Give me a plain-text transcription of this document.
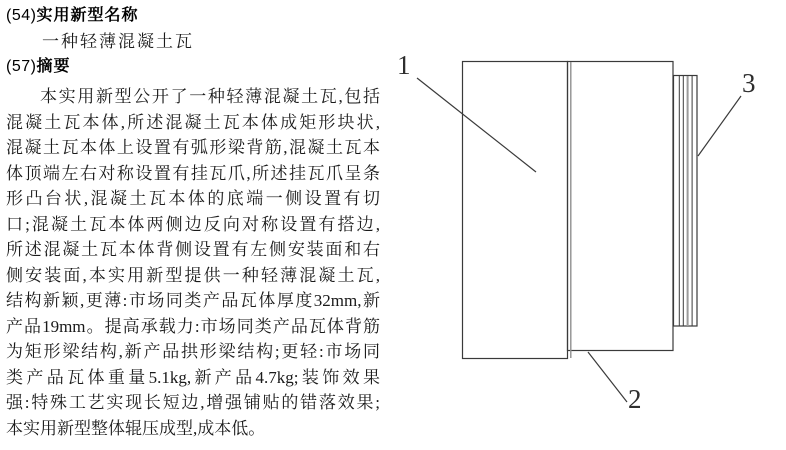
(54)实用新型名称
一种轻薄混凝土瓦
(57)摘要
本实用新型公开了一种轻薄混凝土瓦,包括
混凝土瓦本体,所述混凝土瓦本体成矩形块状,
混凝土瓦本体上设置有弧形梁背筋,混凝土瓦本
体顶端左右对称设置有挂瓦爪,所述挂瓦爪呈条
形凸台状,混凝土瓦本体的底端一侧设置有切
口;混凝土瓦本体两侧边反向对称设置有搭边,
所述混凝土瓦本体背侧设置有左侧安装面和右
侧安装面,本实用新型提供一种轻薄混凝土瓦,
结构新颖,更薄:市场同类产品瓦体厚度32mm,新
产品19mm。提高承载力:市场同类产品瓦体背筋
为矩形梁结构,新产品拱形梁结构;更轻:市场同
类产品瓦体重量5.1kg,新产品4.7kg;装饰效果
强:特殊工艺实现长短边,增强铺贴的错落效果;
本实用新型整体辊压成型,成本低。
1
2
3
